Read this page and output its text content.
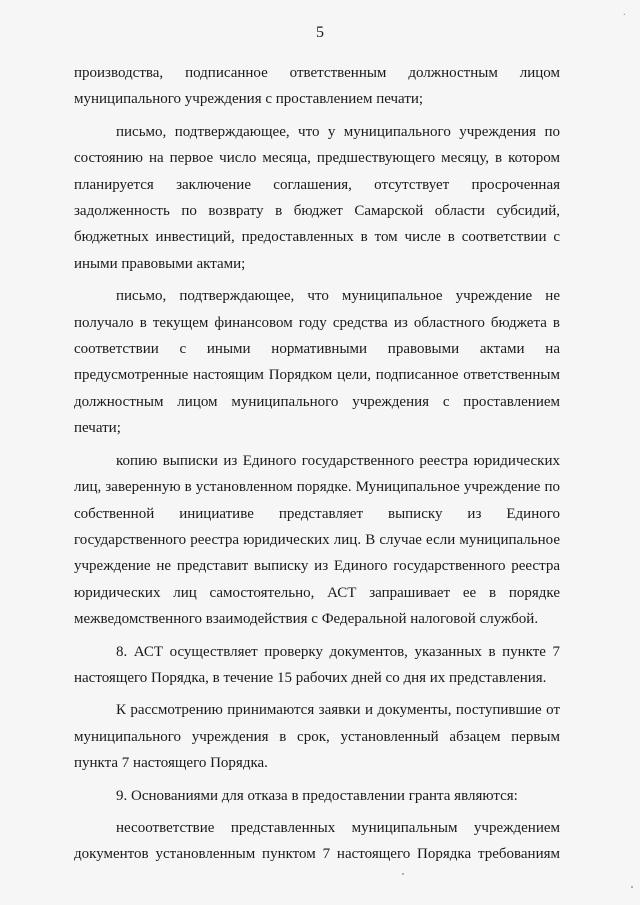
·
5

производства, подписанное ответственным должностным лицом муниципального учреждения с проставлением печати;

письмо, подтверждающее, что у муниципального учреждения по состоянию на первое число месяца, предшествующего месяцу, в котором планируется заключение соглашения, отсутствует просроченная задолженность по возврату в бюджет Самарской области субсидий, бюджетных инвестиций, предоставленных в том числе в соответствии с иными правовыми актами;

письмо, подтверждающее, что муниципальное учреждение не получало в текущем финансовом году средства из областного бюджета в соответствии с иными нормативными правовыми актами на предусмотренные настоящим Порядком цели, подписанное ответственным должностным лицом муниципального учреждения с проставлением печати;

копию выписки из Единого государственного реестра юридических лиц, заверенную в установленном порядке. Муниципальное учреждение по собственной инициативе представляет выписку из Единого государственного реестра юридических лиц. В случае если муниципальное учреждение не представит выписку из Единого государственного реестра юридических лиц самостоятельно, АСТ запрашивает ее в порядке межведомственного взаимодействия с Федеральной налоговой службой.

8. АСТ осуществляет проверку документов, указанных в пункте 7 настоящего Порядка, в течение 15 рабочих дней со дня их представления.

К рассмотрению принимаются заявки и документы, поступившие от муниципального учреждения в срок, установленный абзацем первым пункта 7 настоящего Порядка.

9. Основаниями для отказа в предоставлении гранта являются:

несоответствие представленных муниципальным учреждением документов установленным пунктом 7 настоящего Порядка требованиям
